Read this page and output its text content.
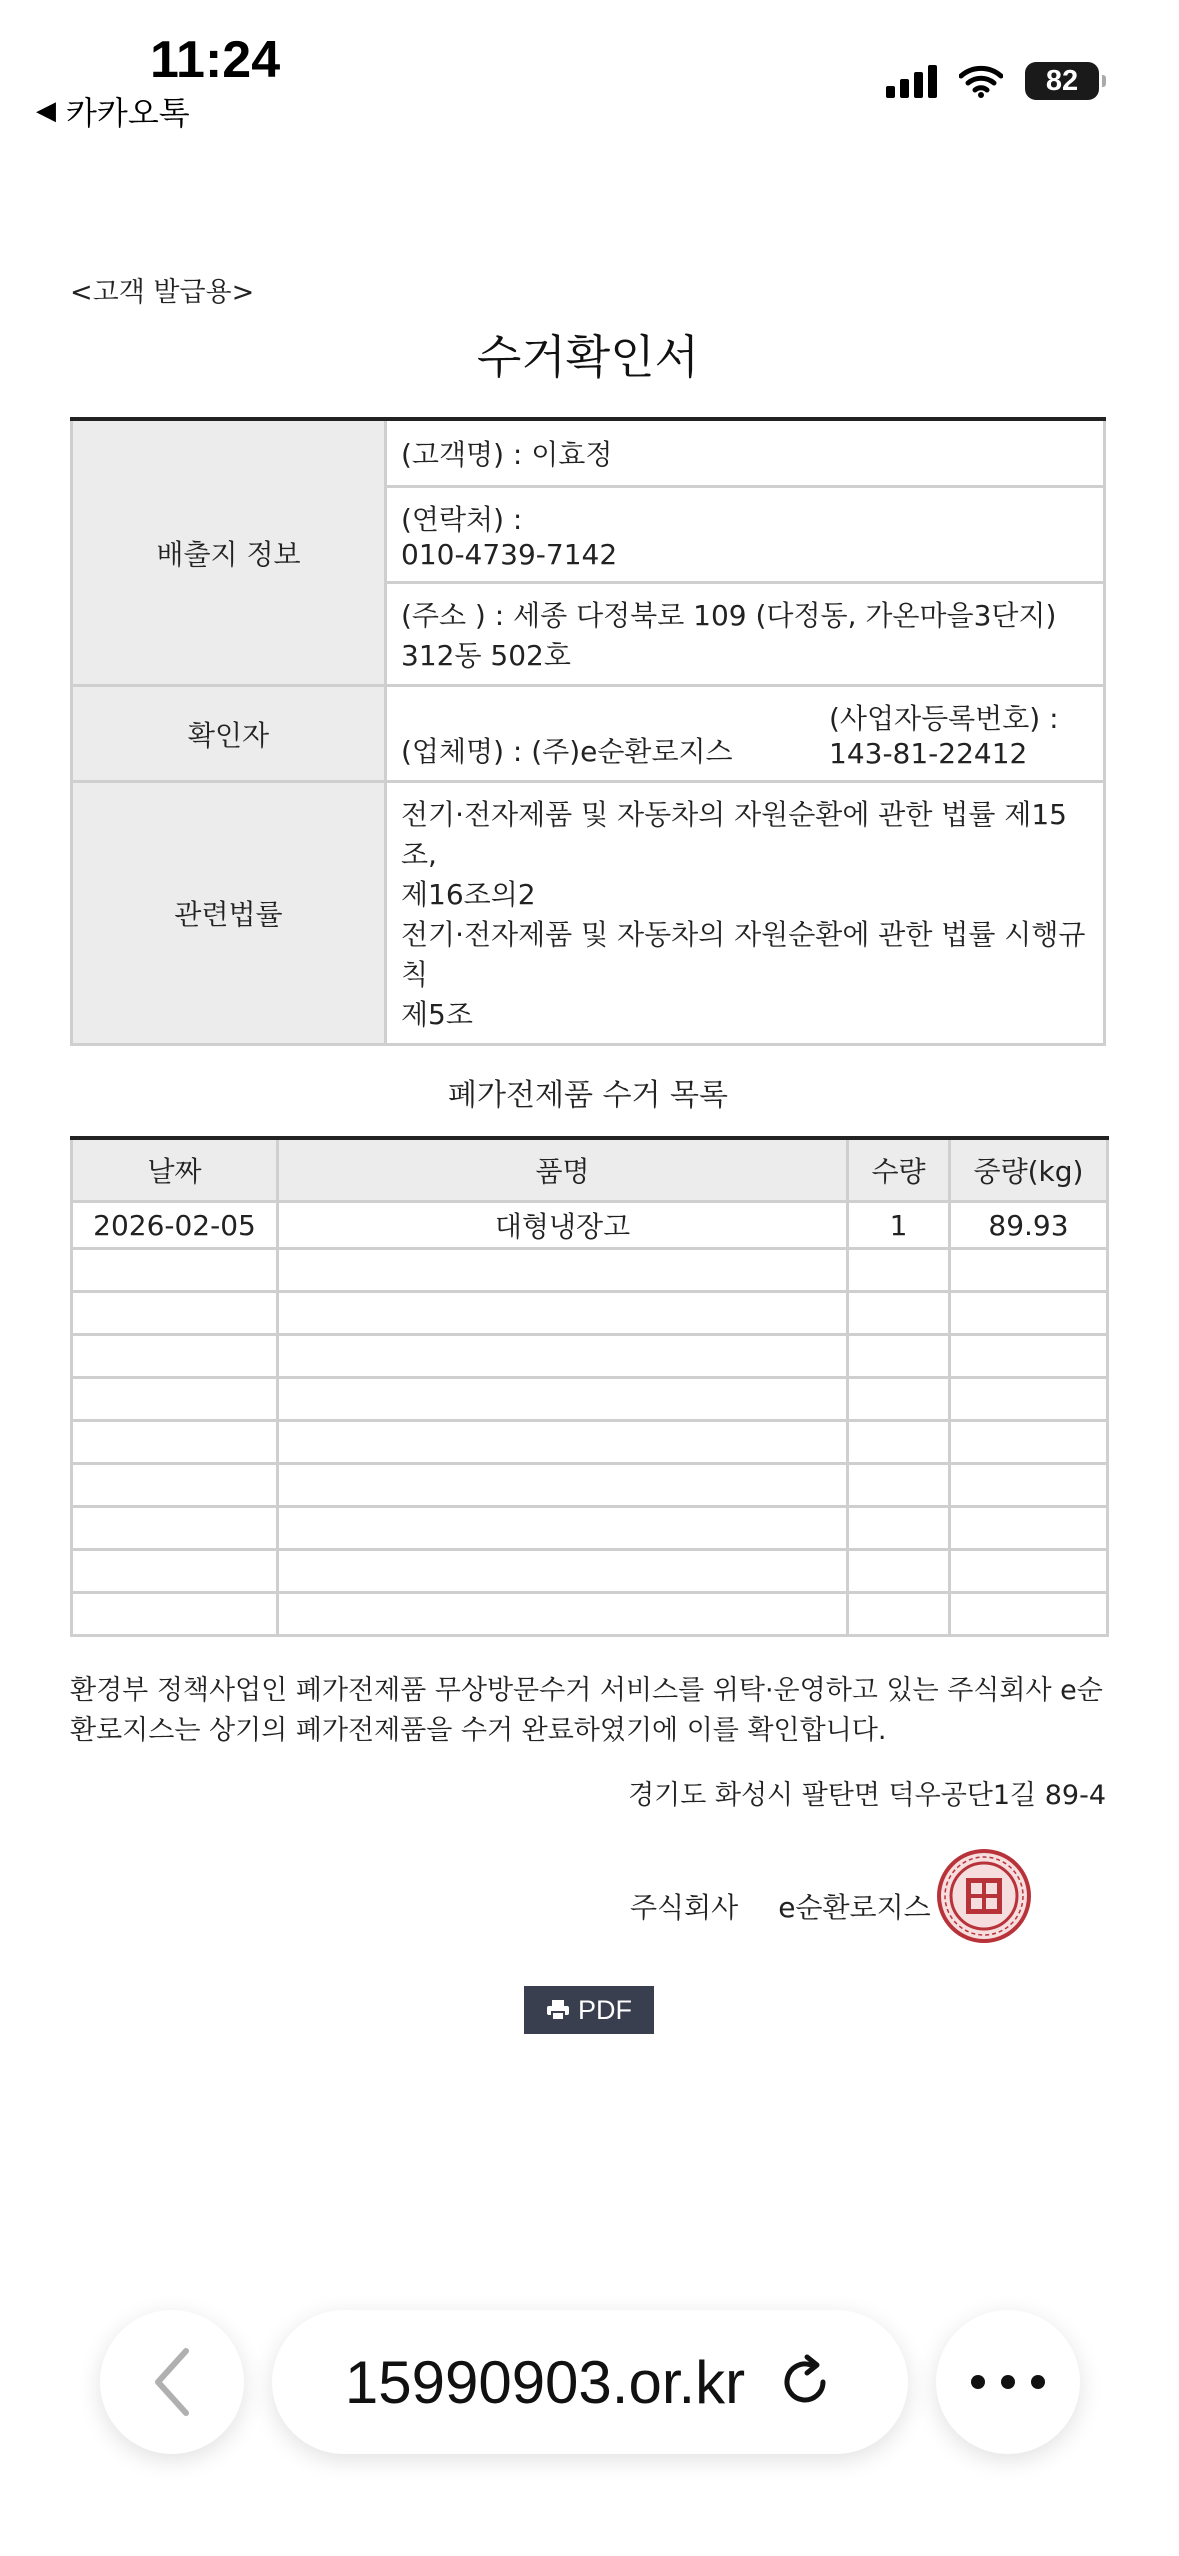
11:24
◀ 카카오톡
82
<고객 발급용>
수거확인서
배출지 정보	(고객명) : 이효정

	(연락처) :
010-4739-7142

	(주소 ) : 세종 다정북로 109 (다정동, 가온마을3단지)
312동 502호

확인자	(업체명) : (주)e순환로지스
(사업자등록번호) :
143-81-22412

관련법률	전기·전자제품 및 자동차의 자원순환에 관한 법률 제15조,
제16조의2
전기·전자제품 및 자동차의 자원순환에 관한 법률 시행규칙
제5조
폐가전제품 수거 목록
날짜	품명	수량	중량(kg)
2026-02-05	대형냉장고	1	89.93

환경부 정책사업인 폐가전제품 무상방문수거 서비스를 위탁·운영하고 있는 주식회사 e순환로지스는 상기의 폐가전제품을 수거 완료하였기에 이를 확인합니다.
경기도 화성시 팔탄면 덕우공단1길 89-4
주식회사 e순환로지스
PDF
15990903.or.kr
